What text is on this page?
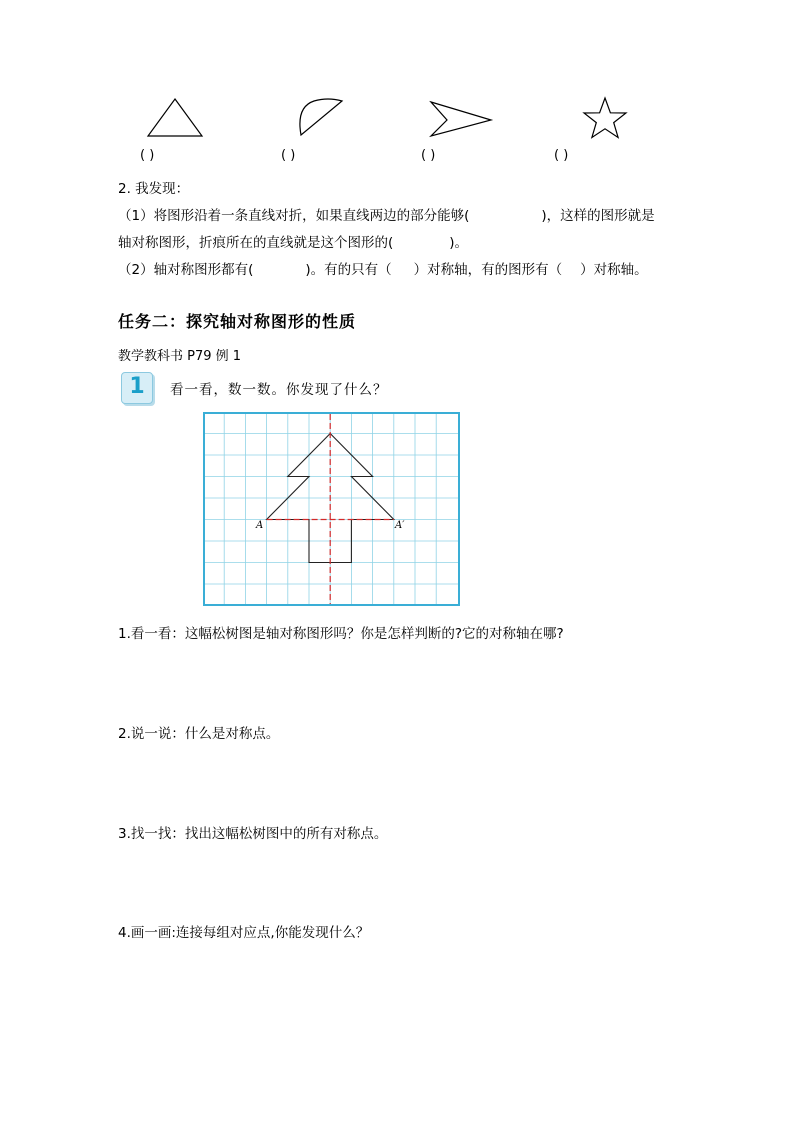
( )	( )	( )	( )
2. 我发现：
（1）将图形沿着一条直线对折，如果直线两边的部分能够(	)，这样的图形就是
轴对称图形，折痕所在的直线就是这个图形的(	)。
（2）轴对称图形都有(	)。有的只有（ ）对称轴，有的图形有（ ）对称轴。
任务二：探究轴对称图形的性质
教学教科书 P79 例 1
1	看一看，数一数。你发现了什么？
A	A′
1.看一看：这幅松树图是轴对称图形吗？你是怎样判断的?它的对称轴在哪?
2.说一说：什么是对称点。
3.找一找：找出这幅松树图中的所有对称点。
4.画一画:连接每组对应点,你能发现什么？
